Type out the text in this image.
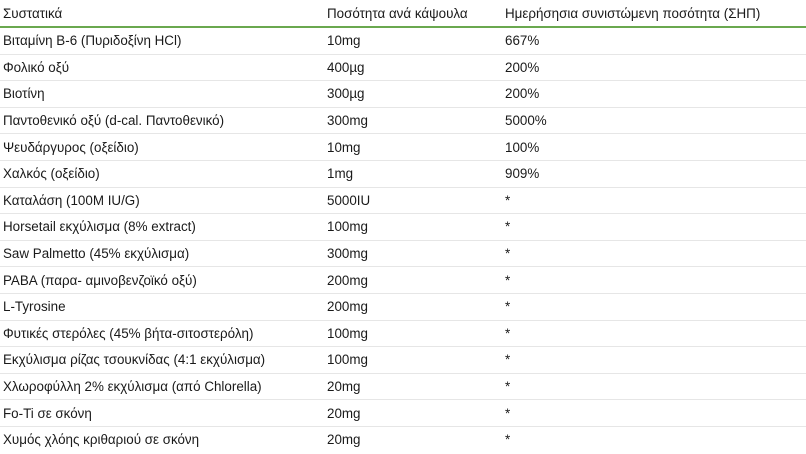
Συστατικά	Ποσότητα ανά κάψουλα	Ημερήσησια συνιστώμενη ποσότητα (ΣΗΠ)
Βιταμίνη B-6 (Πυριδοξίνη HCl)	10mg	667%
Φολικό οξύ	400µg	200%
Βιοτίνη	300µg	200%
Παντοθενικό οξύ (d-cal. Παντοθενικό)	300mg	5000%
Ψευδάργυρος (οξείδιο)	10mg	100%
Χαλκός (οξείδιο)	1mg	909%
Καταλάση (100M IU/G)	5000IU	*
Horsetail εκχύλισμα (8% extract)	100mg	*
Saw Palmetto (45% εκχύλισμα)	300mg	*
PABA (παρα- αμινοβενζοϊκό οξύ)	200mg	*
L-Tyrosine	200mg	*
Φυτικές στερόλες (45% βήτα-σιτοστερόλη)	100mg	*
Εκχύλισμα ρίζας τσουκνίδας (4:1 εκχύλισμα)	100mg	*
Χλωροφύλλη 2% εκχύλισμα (από Chlorella)	20mg	*
Fo-Ti σε σκόνη	20mg	*
Χυμός χλόης κριθαριού σε σκόνη	20mg	*
